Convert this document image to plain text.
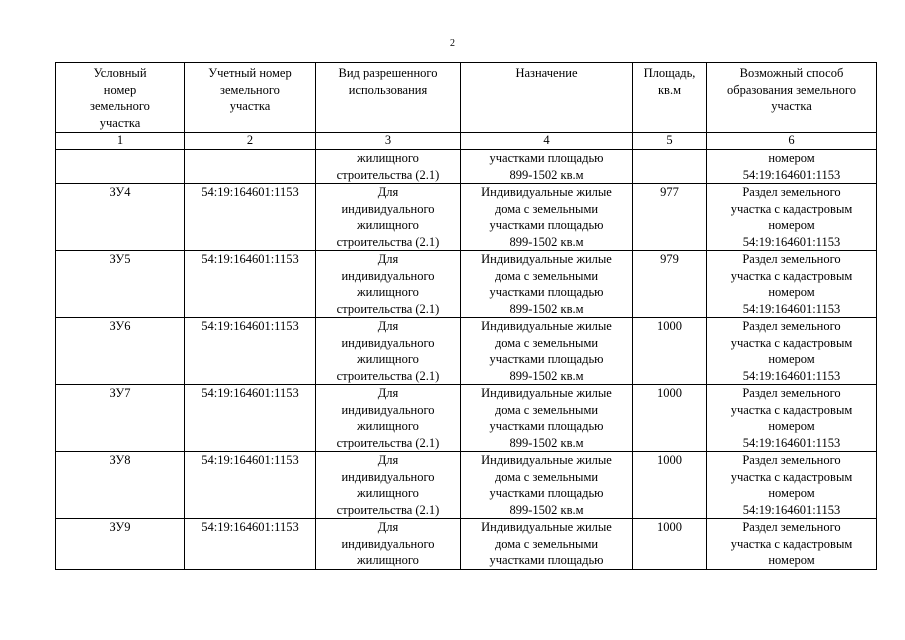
2
Условный
номер
земельного
участка	Учетный номер
земельного
участка	Вид разрешенного
использования	Назначение	Площадь,
кв.м	Возможный способ
образования земельного
участка

1	2	3	4	5	6

		жилищного
строительства (2.1)	участками площадью
899-1502 кв.м		номером
54:19:164601:1153

ЗУ4	54:19:164601:1153	Для
индивидуального
жилищного
строительства (2.1)	Индивидуальные жилые
дома с земельными
участками площадью
899-1502 кв.м	977	Раздел земельного
участка с кадастровым
номером
54:19:164601:1153

ЗУ5	54:19:164601:1153	Для
индивидуального
жилищного
строительства (2.1)	Индивидуальные жилые
дома с земельными
участками площадью
899-1502 кв.м	979	Раздел земельного
участка с кадастровым
номером
54:19:164601:1153

ЗУ6	54:19:164601:1153	Для
индивидуального
жилищного
строительства (2.1)	Индивидуальные жилые
дома с земельными
участками площадью
899-1502 кв.м	1000	Раздел земельного
участка с кадастровым
номером
54:19:164601:1153

ЗУ7	54:19:164601:1153	Для
индивидуального
жилищного
строительства (2.1)	Индивидуальные жилые
дома с земельными
участками площадью
899-1502 кв.м	1000	Раздел земельного
участка с кадастровым
номером
54:19:164601:1153

ЗУ8	54:19:164601:1153	Для
индивидуального
жилищного
строительства (2.1)	Индивидуальные жилые
дома с земельными
участками площадью
899-1502 кв.м	1000	Раздел земельного
участка с кадастровым
номером
54:19:164601:1153

ЗУ9	54:19:164601:1153	Для
индивидуального
жилищного	Индивидуальные жилые
дома с земельными
участками площадью	1000	Раздел земельного
участка с кадастровым
номером
